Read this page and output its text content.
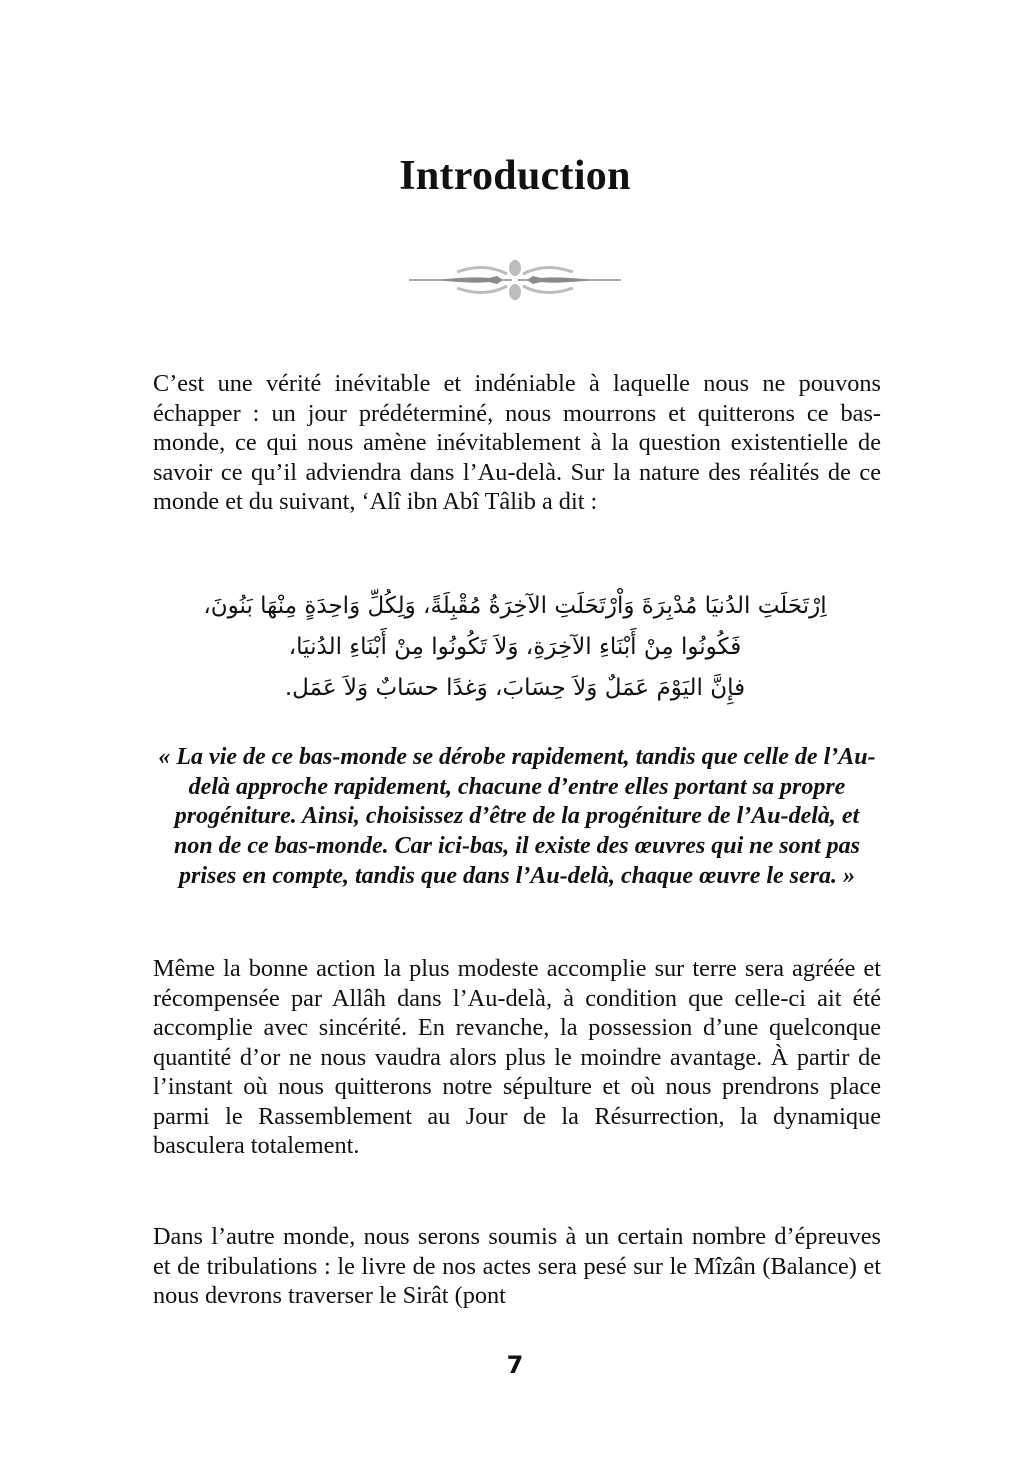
Introduction

C’est une vérité inévitable et indéniable à laquelle nous ne pouvons échapper : un jour prédéterminé, nous mourrons et quitterons ce bas-monde, ce qui nous amène inévitablement à la question existentielle de savoir ce qu’il adviendra dans l’Au-delà. Sur la nature des réalités de ce monde et du suivant, ‘Alî ibn Abî Tâlib a dit :

اِرْتَحَلَتِ الدُنيَا مُدْبِرَةَ وَاْرْتَحَلَتِ الآخِرَةُ مُقْبِلَةً، وَلِكُلِّ وَاحِدَةٍ مِنْهَا بَنُونَ،
فَكُونُوا مِنْ أَبْنَاءِ الآخِرَةِ، وَلاَ تَكُونُوا مِنْ أَبْنَاءِ الدُنيَا،
فإِنَّ اليَوْمَ عَمَلٌ وَلاَ حِسَابَ، وَغدًا حسَابٌ وَلاَ عَمَل.

« La vie de ce bas-monde se dérobe rapidement, tandis que celle de l’Au-delà approche rapidement, chacune d’entre elles portant sa propre progéniture. Ainsi, choisissez d’être de la progéniture de l’Au-delà, et non de ce bas-monde. Car ici-bas, il existe des œuvres qui ne sont pas prises en compte, tandis que dans l’Au-delà, chaque œuvre le sera. »

Même la bonne action la plus modeste accomplie sur terre sera agréée et récompensée par Allâh dans l’Au-delà, à condition que celle-ci ait été accomplie avec sincérité. En revanche, la possession d’une quelconque quantité d’or ne nous vaudra alors plus le moindre avantage. À partir de l’instant où nous quitterons notre sépulture et où nous prendrons place parmi le Rassemblement au Jour de la Résurrection, la dynamique basculera totalement.

Dans l’autre monde, nous serons soumis à un certain nombre d’épreuves et de tribulations : le livre de nos actes sera pesé sur le Mîzân (Balance) et nous devrons traverser le Sirât (pont

7
